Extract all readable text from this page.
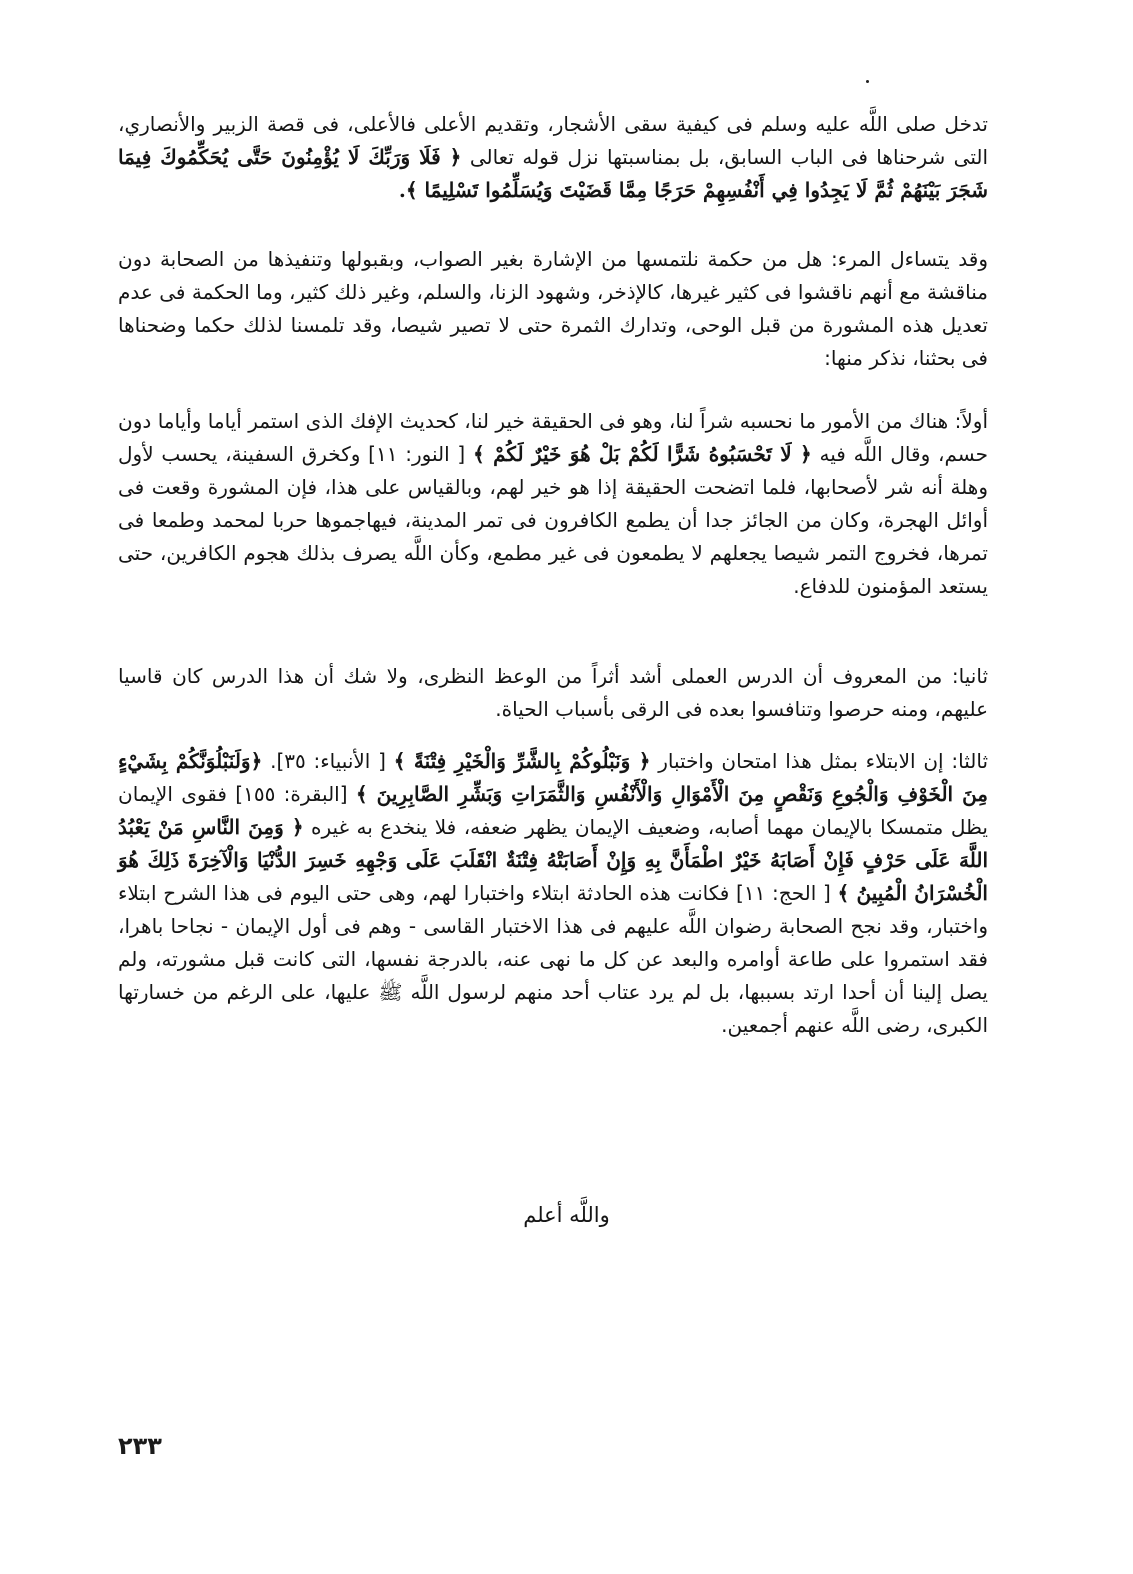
تدخل صلى اللَّه عليه وسلم فى كيفية سقى الأشجار، وتقديم الأعلى فالأعلى، فى قصة الزبير والأنصاري، التى شرحناها فى الباب السابق، بل بمناسبتها نزل قوله تعالى ﴿ فَلَا وَرَبِّكَ لَا يُؤْمِنُونَ حَتَّى يُحَكِّمُوكَ فِيمَا شَجَرَ بَيْنَهُمْ ثُمَّ لَا يَجِدُوا فِي أَنْفُسِهِمْ حَرَجًا مِمَّا قَضَيْتَ وَيُسَلِّمُوا تَسْلِيمًا ﴾.

وقد يتساءل المرء: هل من حكمة نلتمسها من الإشارة بغير الصواب، وبقبولها وتنفيذها من الصحابة دون مناقشة مع أنهم ناقشوا فى كثير غيرها، كالإذخر، وشهود الزنا، والسلم، وغير ذلك كثير، وما الحكمة فى عدم تعديل هذه المشورة من قبل الوحى، وتدارك الثمرة حتى لا تصير شيصا، وقد تلمسنا لذلك حكما وضحناها فى بحثنا، نذكر منها:

أولاً: هناك من الأمور ما نحسبه شراً لنا، وهو فى الحقيقة خير لنا، كحديث الإفك الذى استمر أياما وأياما دون حسم، وقال اللَّه فيه ﴿ لَا تَحْسَبُوهُ شَرًّا لَكُمْ بَلْ هُوَ خَيْرٌ لَكُمْ ﴾ [ النور: ١١] وكخرق السفينة، يحسب لأول وهلة أنه شر لأصحابها، فلما اتضحت الحقيقة إذا هو خير لهم، وبالقياس على هذا، فإن المشورة وقعت فى أوائل الهجرة، وكان من الجائز جدا أن يطمع الكافرون فى تمر المدينة، فيهاجموها حربا لمحمد وطمعا فى تمرها، فخروج التمر شيصا يجعلهم لا يطمعون فى غير مطمع، وكأن اللَّه يصرف بذلك هجوم الكافرين، حتى يستعد المؤمنون للدفاع.

ثانيا: من المعروف أن الدرس العملى أشد أثراً من الوعظ النظرى، ولا شك أن هذا الدرس كان قاسيا عليهم، ومنه حرصوا وتنافسوا بعده فى الرقى بأسباب الحياة.

ثالثا: إن الابتلاء بمثل هذا امتحان واختبار ﴿ وَنَبْلُوكُمْ بِالشَّرِّ وَالْخَيْرِ فِتْنَةً ﴾ [ الأنبياء: ٣٥]. ﴿وَلَنَبْلُوَنَّكُمْ بِشَيْءٍ مِنَ الْخَوْفِ وَالْجُوعِ وَنَقْصٍ مِنَ الْأَمْوَالِ وَالْأَنْفُسِ وَالثَّمَرَاتِ وَبَشِّرِ الصَّابِرِينَ ﴾ [البقرة: ١٥٥] فقوى الإيمان يظل متمسكا بالإيمان مهما أصابه، وضعيف الإيمان يظهر ضعفه، فلا ينخدع به غيره ﴿ وَمِنَ النَّاسِ مَنْ يَعْبُدُ اللَّهَ عَلَى حَرْفٍ فَإِنْ أَصَابَهُ خَيْرٌ اطْمَأَنَّ بِهِ وَإِنْ أَصَابَتْهُ فِتْنَةٌ انْقَلَبَ عَلَى وَجْهِهِ خَسِرَ الدُّنْيَا وَالْآخِرَةَ ذَلِكَ هُوَ الْخُسْرَانُ الْمُبِينُ ﴾ [ الحج: ١١] فكانت هذه الحادثة ابتلاء واختبارا لهم، وهى حتى اليوم فى هذا الشرح ابتلاء واختبار، وقد نجح الصحابة رضوان اللَّه عليهم فى هذا الاختبار القاسى - وهم فى أول الإيمان - نجاحا باهرا، فقد استمروا على طاعة أوامره والبعد عن كل ما نهى عنه، بالدرجة نفسها، التى كانت قبل مشورته، ولم يصل إلينا أن أحدا ارتد بسببها، بل لم يرد عتاب أحد منهم لرسول اللَّه ﷺ عليها، على الرغم من خسارتها الكبرى، رضى اللَّه عنهم أجمعين.

واللَّه أعلم
٢٣٣
